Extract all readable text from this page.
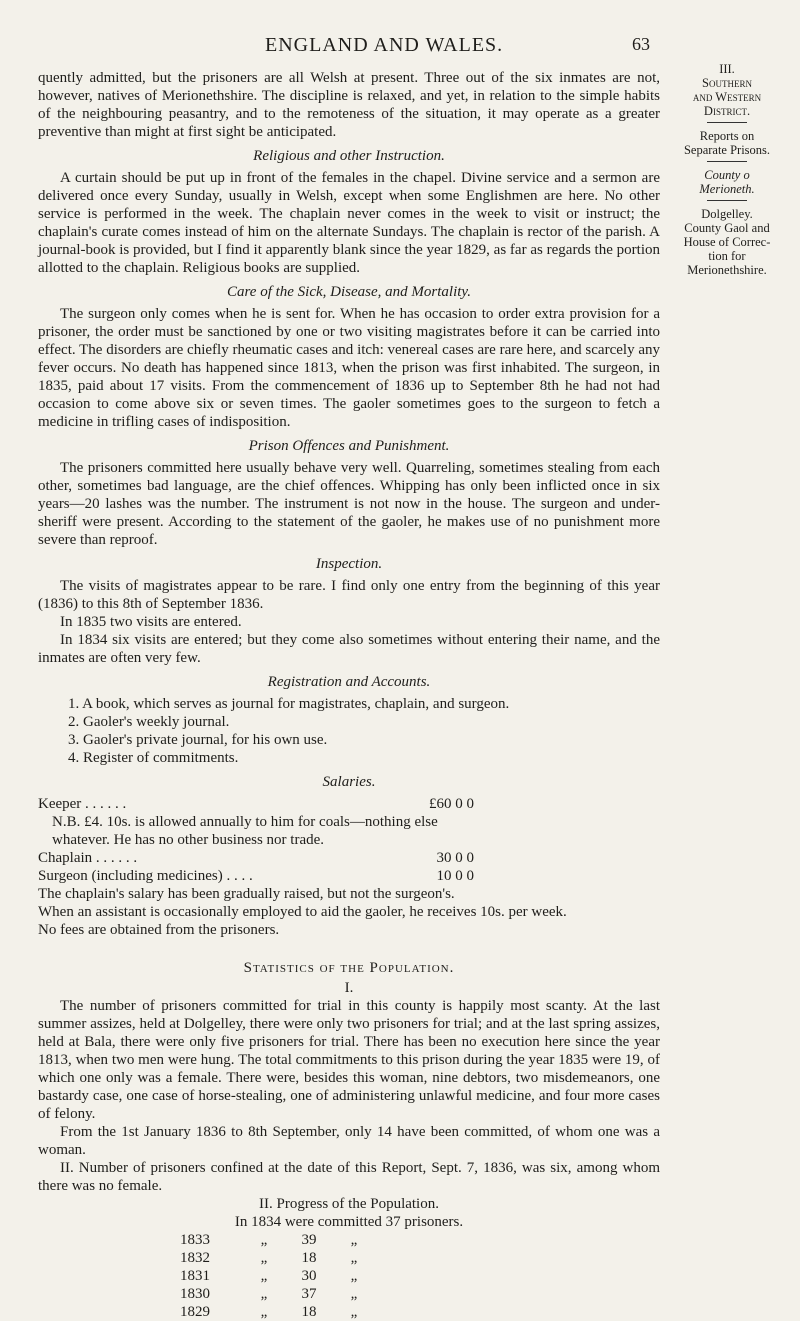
ENGLAND AND WALES.	63

quently admitted, but the prisoners are all Welsh at present. Three out of the six inmates are not, however, natives of Merionethshire. The discipline is relaxed, and yet, in relation to the simple habits of the neighbouring peasantry, and to the remoteness of the situation, it may operate as a greater preventive than might at first sight be anticipated.

Religious and other Instruction.

A curtain should be put up in front of the females in the chapel. Divine service and a sermon are delivered once every Sunday, usually in Welsh, except when some Englishmen are here. No other service is performed in the week. The chaplain never comes in the week to visit or instruct; the chaplain's curate comes instead of him on the alternate Sundays. The chaplain is rector of the parish. A journal-book is provided, but I find it apparently blank since the year 1829, as far as regards the portion allotted to the chaplain. Religious books are supplied.

Care of the Sick, Disease, and Mortality.

The surgeon only comes when he is sent for. When he has occasion to order extra provision for a prisoner, the order must be sanctioned by one or two visiting magistrates before it can be carried into effect. The disorders are chiefly rheumatic cases and itch: venereal cases are rare here, and scarcely any fever occurs. No death has happened since 1813, when the prison was first inhabited. The surgeon, in 1835, paid about 17 visits. From the commencement of 1836 up to September 8th he had not had occasion to come above six or seven times. The gaoler sometimes goes to the surgeon to fetch a medicine in trifling cases of indisposition.

Prison Offences and Punishment.

The prisoners committed here usually behave very well. Quarreling, sometimes stealing from each other, sometimes bad language, are the chief offences. Whipping has only been inflicted once in six years—20 lashes was the number. The instrument is not now in the house. The surgeon and under-sheriff were present. According to the statement of the gaoler, he makes use of no punishment more severe than reproof.

Inspection.

The visits of magistrates appear to be rare. I find only one entry from the beginning of this year (1836) to this 8th of September 1836.

In 1835 two visits are entered.

In 1834 six visits are entered; but they come also sometimes without entering their name, and the inmates are often very few.

Registration and Accounts.
1. A book, which serves as journal for magistrates, chaplain, and surgeon.
2. Gaoler's weekly journal.
3. Gaoler's private journal, for his own use.
4. Register of commitments.
Salaries.
Keeper . . . . . .	£60 0 0
N.B. £4. 10s. is allowed annually to him for coals—nothing else whatever. He has no other business nor trade.
Chaplain . . . . . .	30 0 0
Surgeon (including medicines) . . . .	10 0 0

The chaplain's salary has been gradually raised, but not the surgeon's.

When an assistant is occasionally employed to aid the gaoler, he receives 10s. per week.

No fees are obtained from the prisoners.

Statistics of the Population.
I.

The number of prisoners committed for trial in this county is happily most scanty. At the last summer assizes, held at Dolgelley, there were only two prisoners for trial; and at the last spring assizes, held at Bala, there were only five prisoners for trial. There has been no execution here since the year 1813, when two men were hung. The total commitments to this prison during the year 1835 were 19, of which one only was a female. There were, besides this woman, nine debtors, two misdemeanors, one bastardy case, one case of horse-stealing, one of administering unlawful medicine, and four more cases of felony.

From the 1st January 1836 to 8th September, only 14 have been committed, of whom one was a woman.

II. Number of prisoners confined at the date of this Report, Sept. 7, 1836, was six, among whom there was no female.

II. Progress of the Population.
In 1834 were committed 37 prisoners.
1833	„	39	„
1832	„	18	„
1831	„	30	„
1830	„	37	„
1829	„	18	„
III.
Southern
and Western
District.
Reports on
Separate Prisons.
County o
Merioneth.
Dolgelley.
County Gaol and
House of Correc-
tion for
Merionethshire.
